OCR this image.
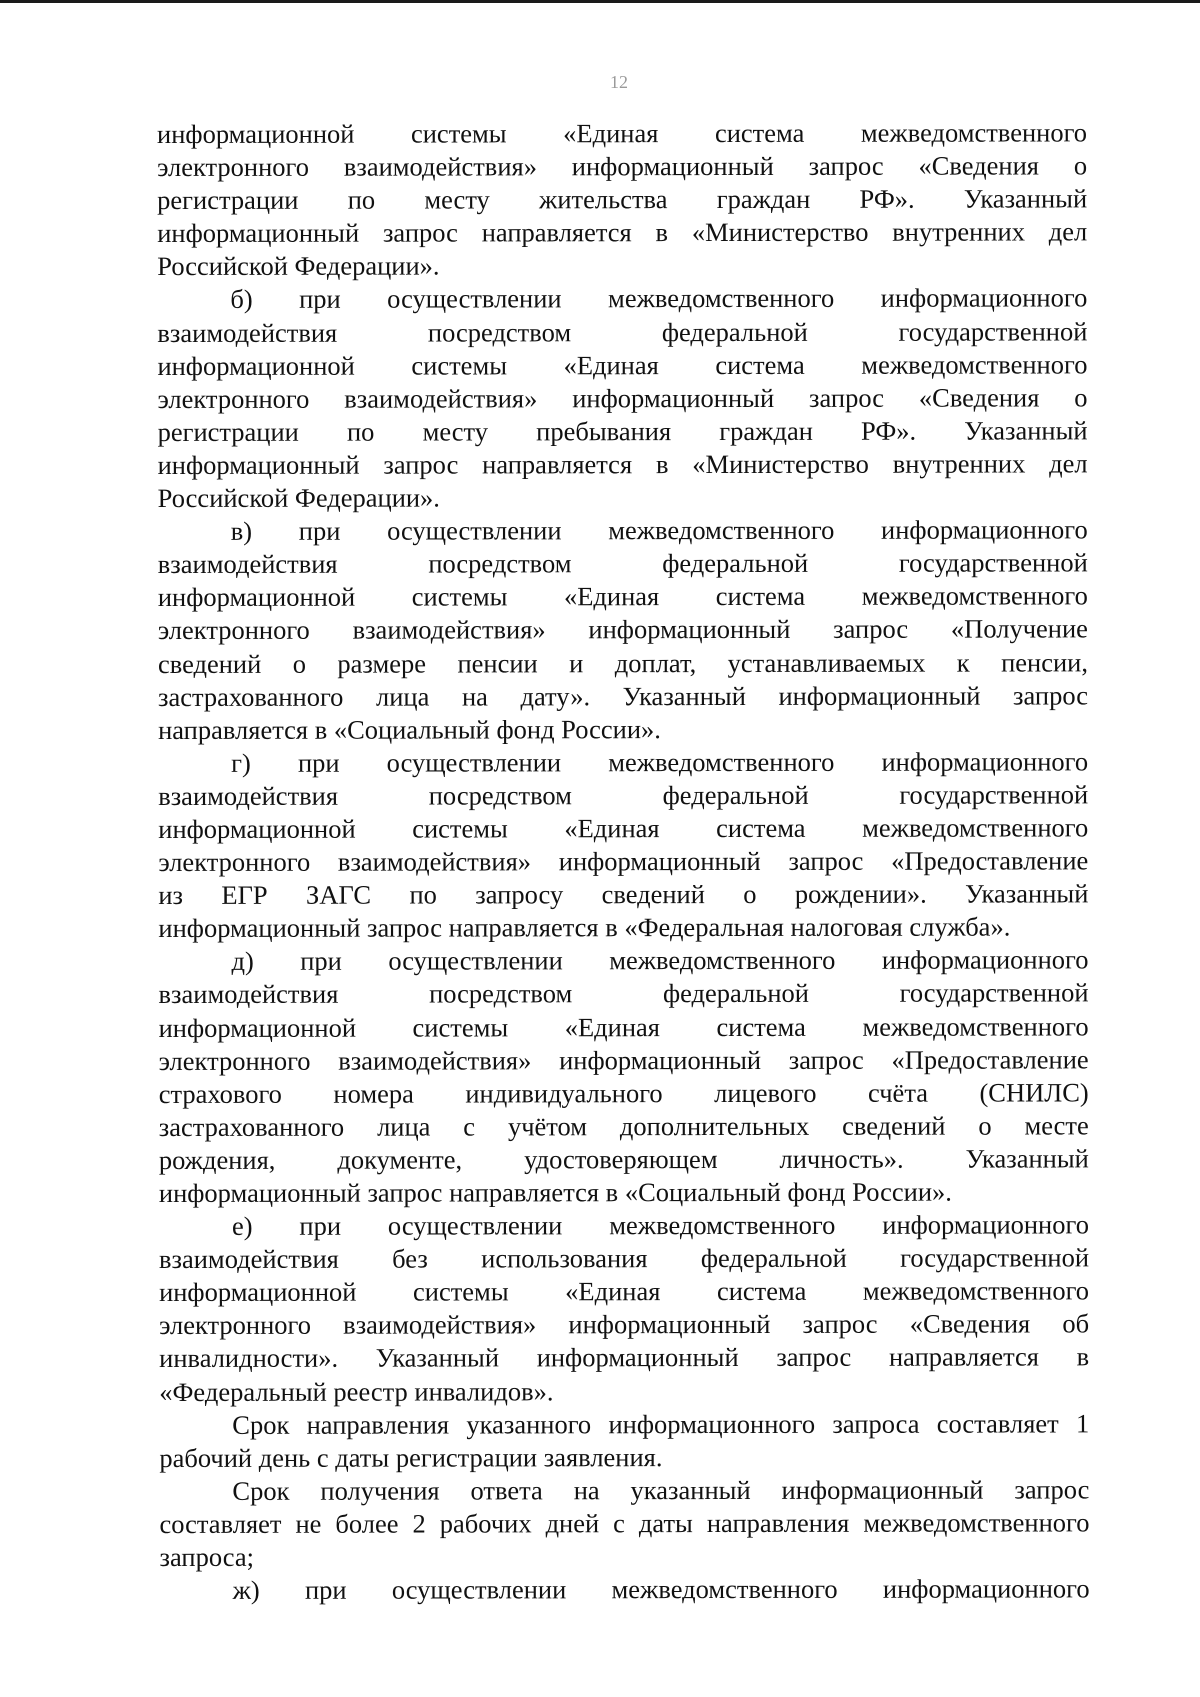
12
информационной системы «Единая система межведомственного
электронного взаимодействия» информационный запрос «Сведения о
регистрации по месту жительства граждан РФ». Указанный
информационный запрос направляется в «Министерство внутренних дел
Российской Федерации».
б) при осуществлении межведомственного информационного
взаимодействия посредством федеральной государственной
информационной системы «Единая система межведомственного
электронного взаимодействия» информационный запрос «Сведения о
регистрации по месту пребывания граждан РФ». Указанный
информационный запрос направляется в «Министерство внутренних дел
Российской Федерации».
в) при осуществлении межведомственного информационного
взаимодействия посредством федеральной государственной
информационной системы «Единая система межведомственного
электронного взаимодействия» информационный запрос «Получение
сведений о размере пенсии и доплат, устанавливаемых к пенсии,
застрахованного лица на дату». Указанный информационный запрос
направляется в «Социальный фонд России».
г) при осуществлении межведомственного информационного
взаимодействия посредством федеральной государственной
информационной системы «Единая система межведомственного
электронного взаимодействия» информационный запрос «Предоставление
из ЕГР ЗАГС по запросу сведений о рождении». Указанный
информационный запрос направляется в «Федеральная налоговая служба».
д) при осуществлении межведомственного информационного
взаимодействия посредством федеральной государственной
информационной системы «Единая система межведомственного
электронного взаимодействия» информационный запрос «Предоставление
страхового номера индивидуального лицевого счёта (СНИЛС)
застрахованного лица с учётом дополнительных сведений о месте
рождения, документе, удостоверяющем личность». Указанный
информационный запрос направляется в «Социальный фонд России».
е) при осуществлении межведомственного информационного
взаимодействия без использования федеральной государственной
информационной системы «Единая система межведомственного
электронного взаимодействия» информационный запрос «Сведения об
инвалидности». Указанный информационный запрос направляется в
«Федеральный реестр инвалидов».
Срок направления указанного информационного запроса составляет 1
рабочий день с даты регистрации заявления.
Срок получения ответа на указанный информационный запрос
составляет не более 2 рабочих дней с даты направления межведомственного
запроса;
ж) при осуществлении межведомственного информационного
